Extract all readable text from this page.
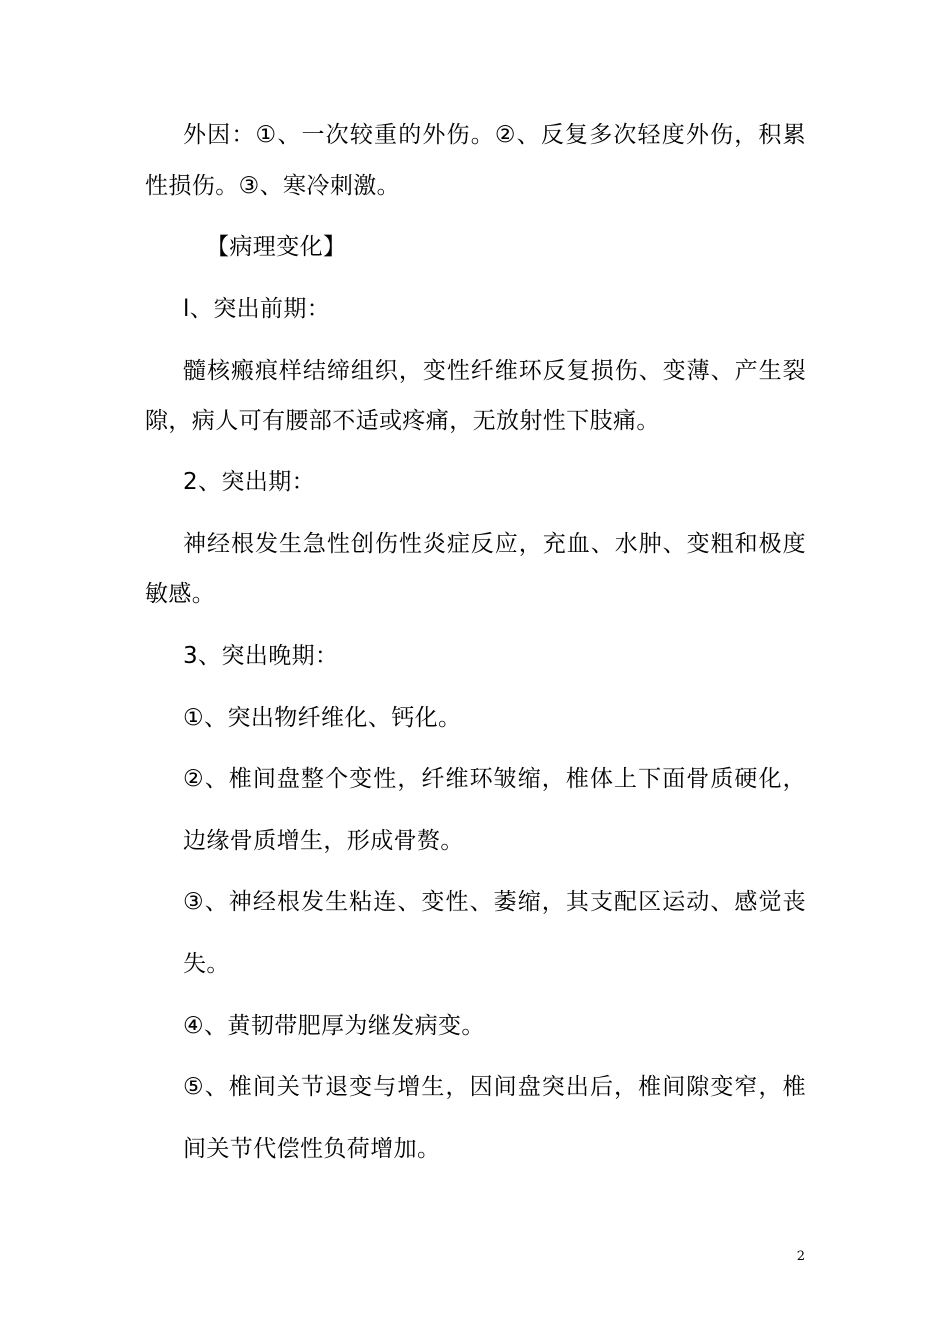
外因：①、一次较重的外伤。②、反复多次轻度外伤，积累
性损伤。③、寒冷刺激。
【病理变化】
l、突出前期：
髓核瘢痕样结缔组织，变性纤维环反复损伤、变薄、产生裂
隙，病人可有腰部不适或疼痛，无放射性下肢痛。
2、突出期：
神经根发生急性创伤性炎症反应，充血、水肿、变粗和极度
敏感。
3、突出晚期：
①、突出物纤维化、钙化。
②、椎间盘整个变性，纤维环皱缩，椎体上下面骨质硬化，
边缘骨质增生，形成骨赘。
③、神经根发生粘连、变性、萎缩，其支配区运动、感觉丧
失。
④、黄韧带肥厚为继发病变。
⑤、椎间关节退变与增生，因间盘突出后，椎间隙变窄，椎
间关节代偿性负荷增加。
2
